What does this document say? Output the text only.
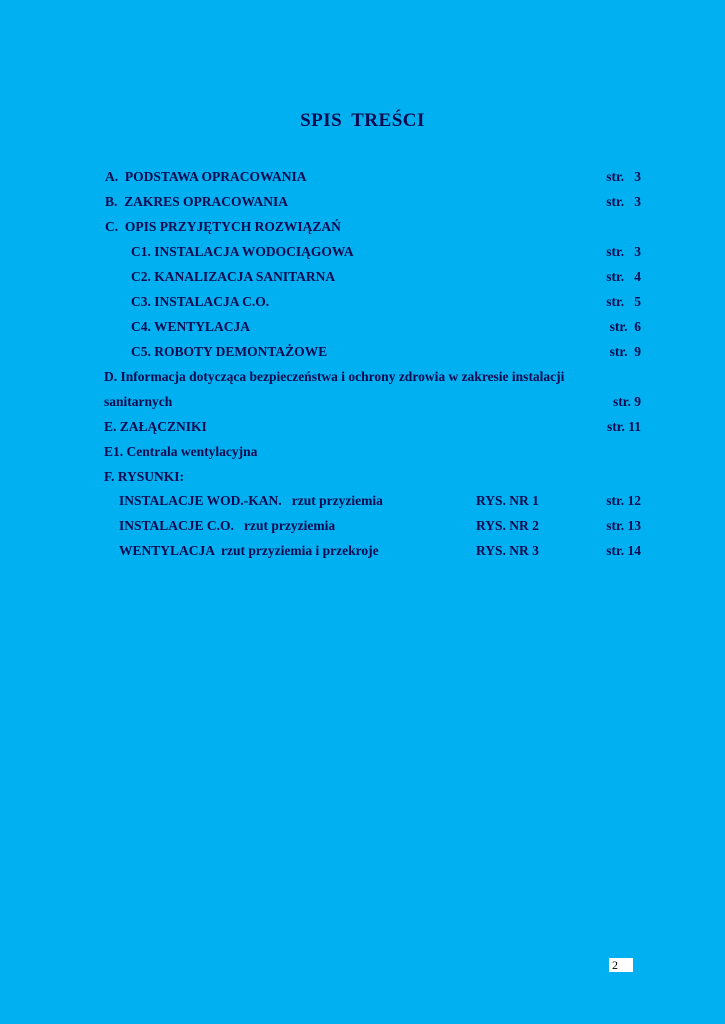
SPIS TREŚCI
A.  PODSTAWA OPRACOWANIA	str.   3
B.  ZAKRES OPRACOWANIA	str.   3
C.  OPIS PRZYJĘTYCH ROZWIĄZAŃ
C1. INSTALACJA WODOCIĄGOWA	str.   3
C2. KANALIZACJA SANITARNA	str.   4
C3. INSTALACJA C.O.	str.   5
C4. WENTYLACJA	str.  6
C5. ROBOTY DEMONTAŻOWE	str.  9
D. Informacja dotycząca bezpieczeństwa i ochrony zdrowia w zakresie instalacji
sanitarnych	str. 9
E. ZAŁĄCZNIKI	str. 11
E1. Centrala wentylacyjna
F. RYSUNKI:
INSTALACJE WOD.-KAN.   rzut przyziemia	RYS. NR 1	str. 12
INSTALACJE C.O.   rzut przyziemia	RYS. NR 2	str. 13
WENTYLACJA  rzut przyziemia i przekroje	RYS. NR 3	str. 14
2
